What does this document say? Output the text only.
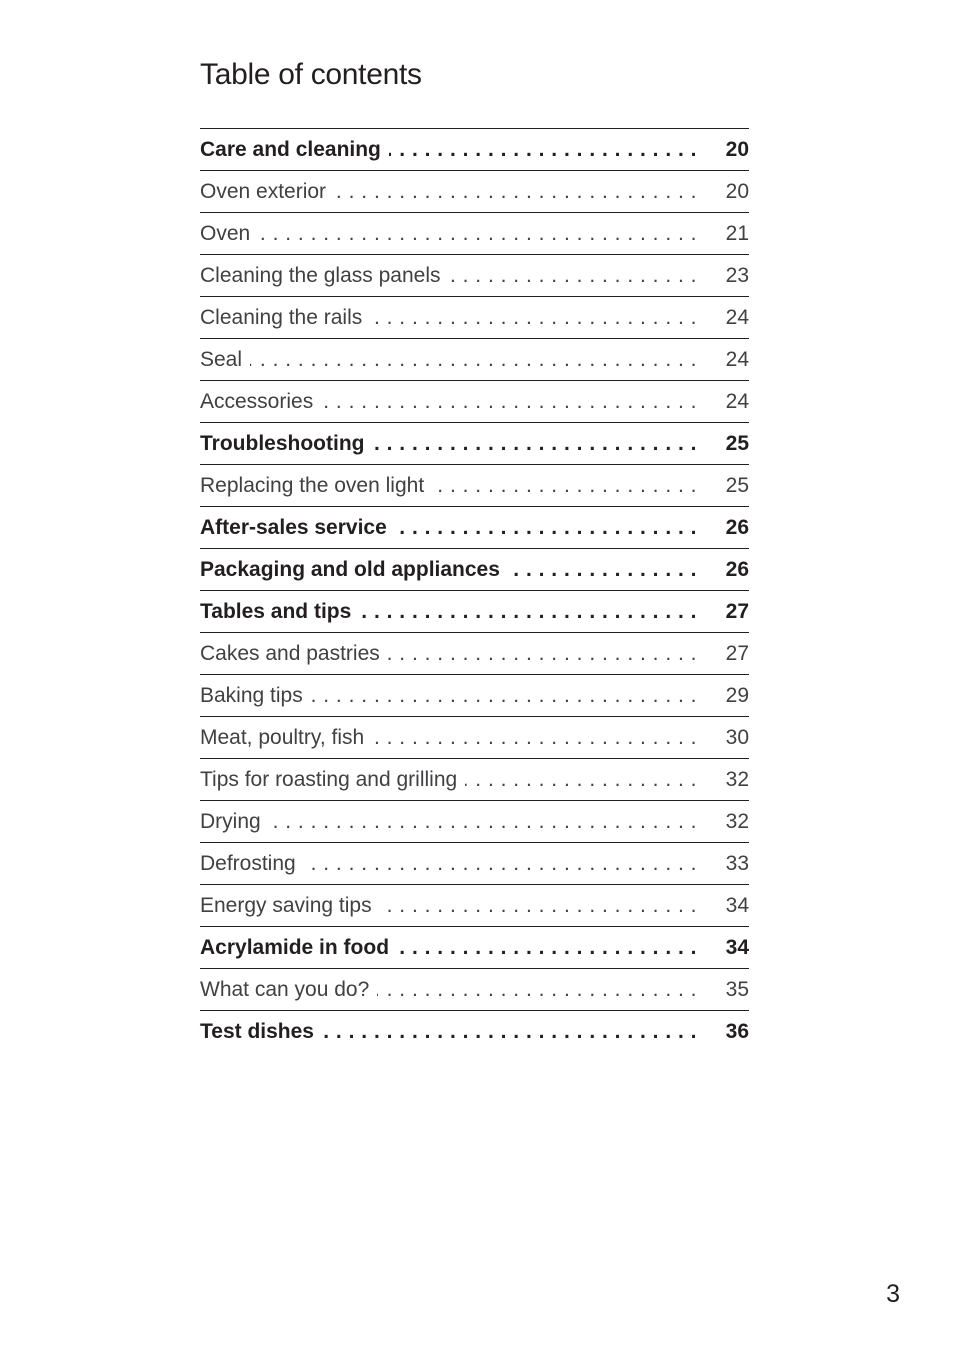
Table of contents
Care and cleaning . . .	20
Oven exterior . . .	20
Oven . . .	21
Cleaning the glass panels . . .	23
Cleaning the rails . . .	24
Seal . . .	24
Accessories . . .	24
Troubleshooting . . .	25
Replacing the oven light . . .	25
After-sales service . . .	26
Packaging and old appliances . . .	26
Tables and tips . . .	27
Cakes and pastries . . .	27
Baking tips . . .	29
Meat, poultry, fish . . .	30
Tips for roasting and grilling . . .	32
Drying . . .	32
Defrosting . . .	33
Energy saving tips . . .	34
Acrylamide in food . . .	34
What can you do? . . .	35
Test dishes . . .	36
3
